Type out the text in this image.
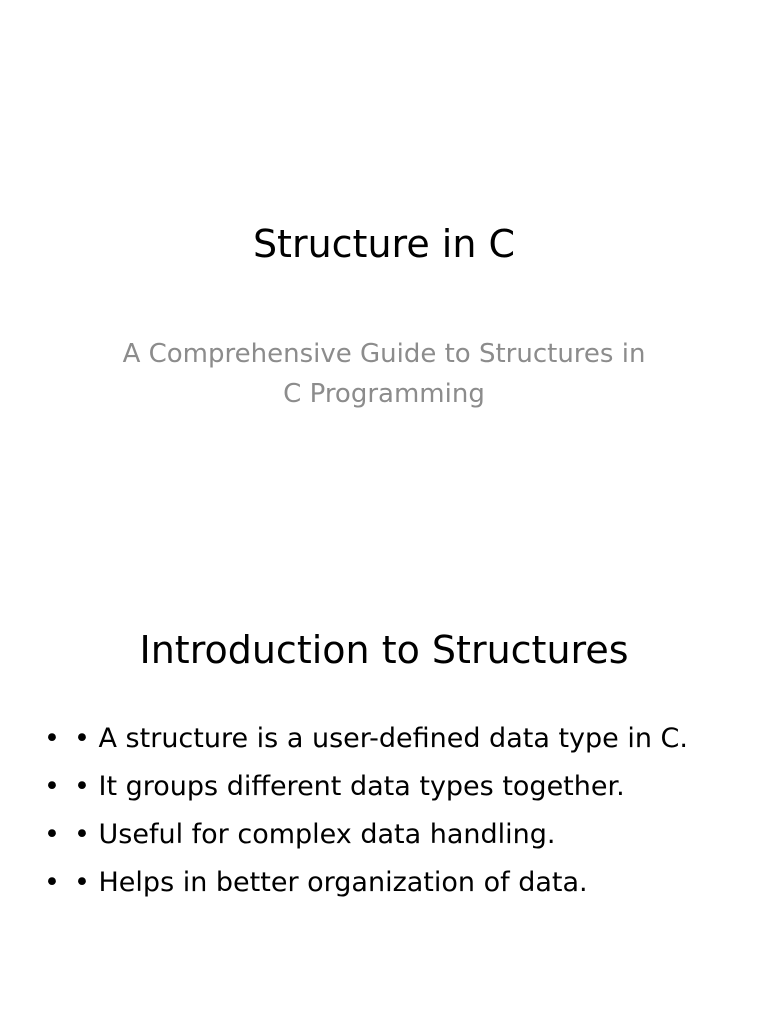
Structure in C

A Comprehensive Guide to Structures in C Programming

Introduction to Structures
• • A structure is a user-defined data type in C.
• • It groups different data types together.
• • Useful for complex data handling.
• • Helps in better organization of data.
